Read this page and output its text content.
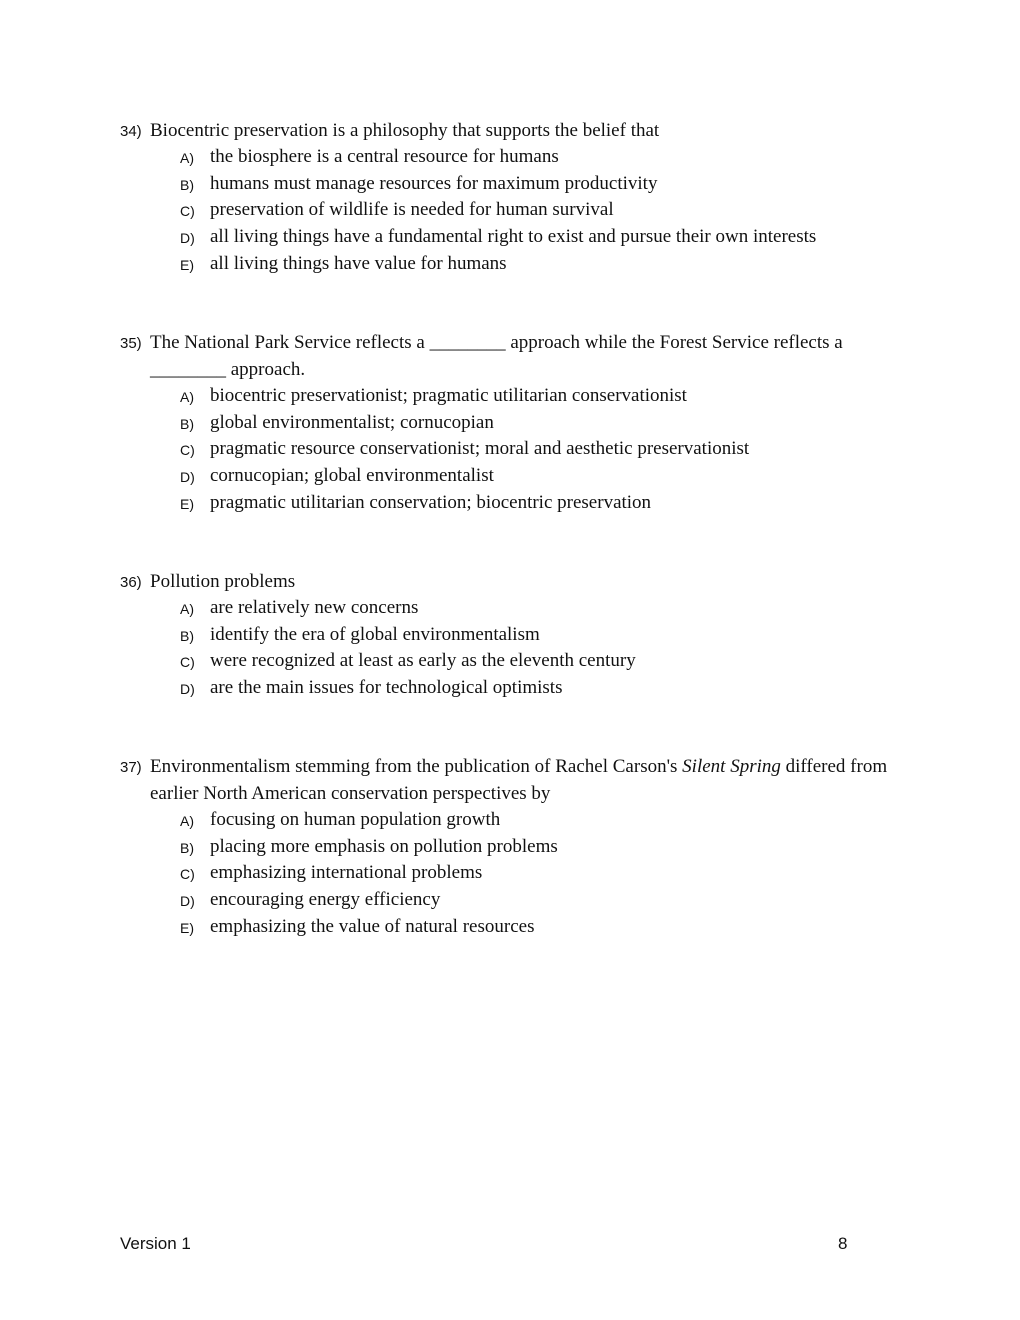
34) Biocentric preservation is a philosophy that supports the belief that
A) the biosphere is a central resource for humans
B) humans must manage resources for maximum productivity
C) preservation of wildlife is needed for human survival
D) all living things have a fundamental right to exist and pursue their own interests
E) all living things have value for humans
35) The National Park Service reflects a ________ approach while the Forest Service reflects a ________ approach.
A) biocentric preservationist; pragmatic utilitarian conservationist
B) global environmentalist; cornucopian
C) pragmatic resource conservationist; moral and aesthetic preservationist
D) cornucopian; global environmentalist
E) pragmatic utilitarian conservation; biocentric preservation
36) Pollution problems
A) are relatively new concerns
B) identify the era of global environmentalism
C) were recognized at least as early as the eleventh century
D) are the main issues for technological optimists
37) Environmentalism stemming from the publication of Rachel Carson's Silent Spring differed from earlier North American conservation perspectives by
A) focusing on human population growth
B) placing more emphasis on pollution problems
C) emphasizing international problems
D) encouraging energy efficiency
E) emphasizing the value of natural resources
Version 1	8
